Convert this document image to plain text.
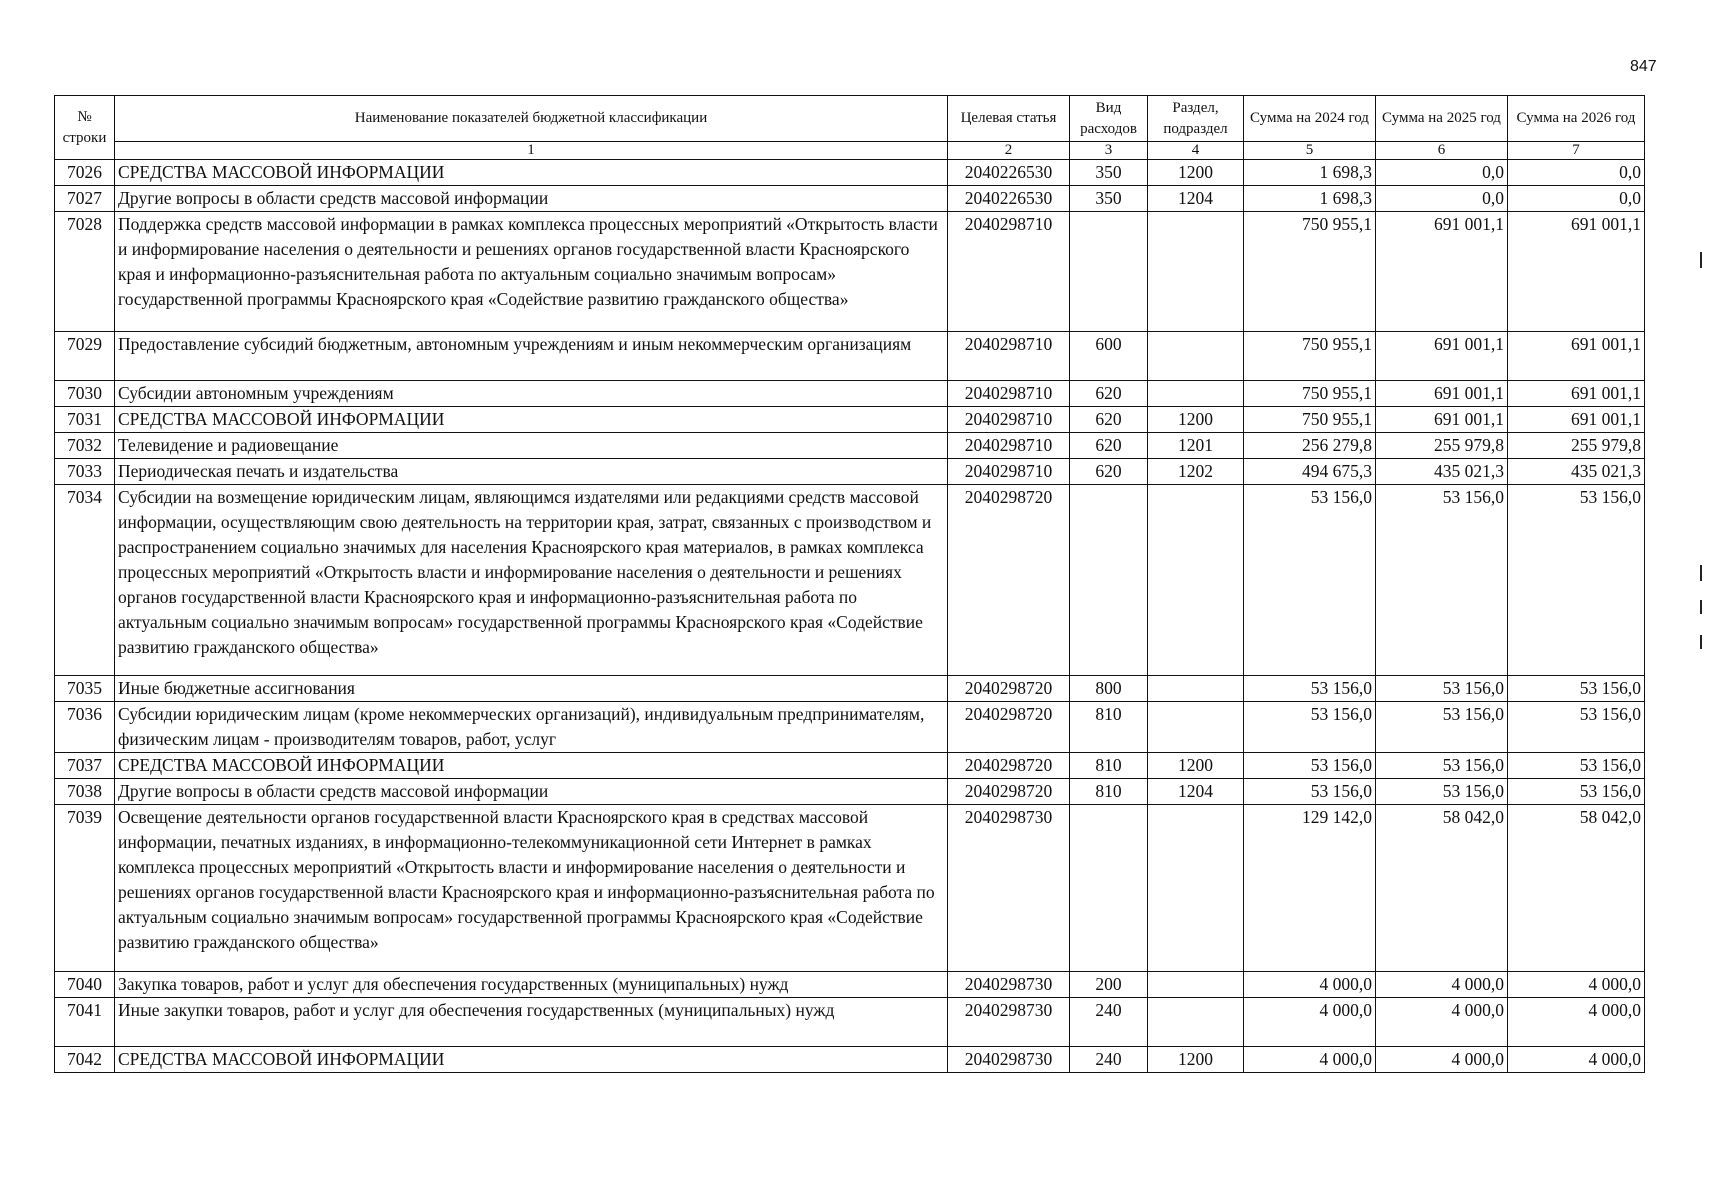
847
№ строки	Наименование показателей бюджетной классификации	Целевая статья	Вид расходов	Раздел, подраздел	Сумма на 2024 год	Сумма на 2025 год	Сумма на 2026 год
	1	2	3	4	5	6	7
7026	СРЕДСТВА МАССОВОЙ ИНФОРМАЦИИ	2040226530	350	1200	1 698,3	0,0	0,0
7027	Другие вопросы в области средств массовой информации	2040226530	350	1204	1 698,3	0,0	0,0
7028	Поддержка средств массовой информации в рамках комплекса процессных мероприятий «Открытость власти и информирование населения о деятельности и решениях органов государственной власти Красноярского края и информационно-разъяснительная работа по актуальным социально значимым вопросам» государственной программы Красноярского края «Содействие развитию гражданского общества»	2040298710			750 955,1	691 001,1	691 001,1
7029	Предоставление субсидий бюджетным, автономным учреждениям и иным некоммерческим организациям	2040298710	600		750 955,1	691 001,1	691 001,1
7030	Субсидии автономным учреждениям	2040298710	620		750 955,1	691 001,1	691 001,1
7031	СРЕДСТВА МАССОВОЙ ИНФОРМАЦИИ	2040298710	620	1200	750 955,1	691 001,1	691 001,1
7032	Телевидение и радиовещание	2040298710	620	1201	256 279,8	255 979,8	255 979,8
7033	Периодическая печать и издательства	2040298710	620	1202	494 675,3	435 021,3	435 021,3
7034	Субсидии на возмещение юридическим лицам, являющимся издателями или редакциями средств массовой информации, осуществляющим свою деятельность на территории края, затрат, связанных с производством и распространением социально значимых для населения Красноярского края материалов, в рамках комплекса процессных мероприятий «Открытость власти и информирование населения о деятельности и решениях органов государственной власти Красноярского края и информационно-разъяснительная работа по актуальным социально значимым вопросам» государственной программы Красноярского края «Содействие развитию гражданского общества»	2040298720			53 156,0	53 156,0	53 156,0
7035	Иные бюджетные ассигнования	2040298720	800		53 156,0	53 156,0	53 156,0
7036	Субсидии юридическим лицам (кроме некоммерческих организаций), индивидуальным предпринимателям, физическим лицам - производителям товаров, работ, услуг	2040298720	810		53 156,0	53 156,0	53 156,0
7037	СРЕДСТВА МАССОВОЙ ИНФОРМАЦИИ	2040298720	810	1200	53 156,0	53 156,0	53 156,0
7038	Другие вопросы в области средств массовой информации	2040298720	810	1204	53 156,0	53 156,0	53 156,0
7039	Освещение деятельности органов государственной власти Красноярского края в средствах массовой информации, печатных изданиях, в информационно-телекоммуникационной сети Интернет в рамках комплекса процессных мероприятий «Открытость власти и информирование населения о деятельности и решениях органов государственной власти Красноярского края и информационно-разъяснительная работа по актуальным социально значимым вопросам» государственной программы Красноярского края «Содействие развитию гражданского общества»	2040298730			129 142,0	58 042,0	58 042,0
7040	Закупка товаров, работ и услуг для обеспечения государственных (муниципальных) нужд	2040298730	200		4 000,0	4 000,0	4 000,0
7041	Иные закупки товаров, работ и услуг для обеспечения государственных (муниципальных) нужд	2040298730	240		4 000,0	4 000,0	4 000,0
7042	СРЕДСТВА МАССОВОЙ ИНФОРМАЦИИ	2040298730	240	1200	4 000,0	4 000,0	4 000,0
